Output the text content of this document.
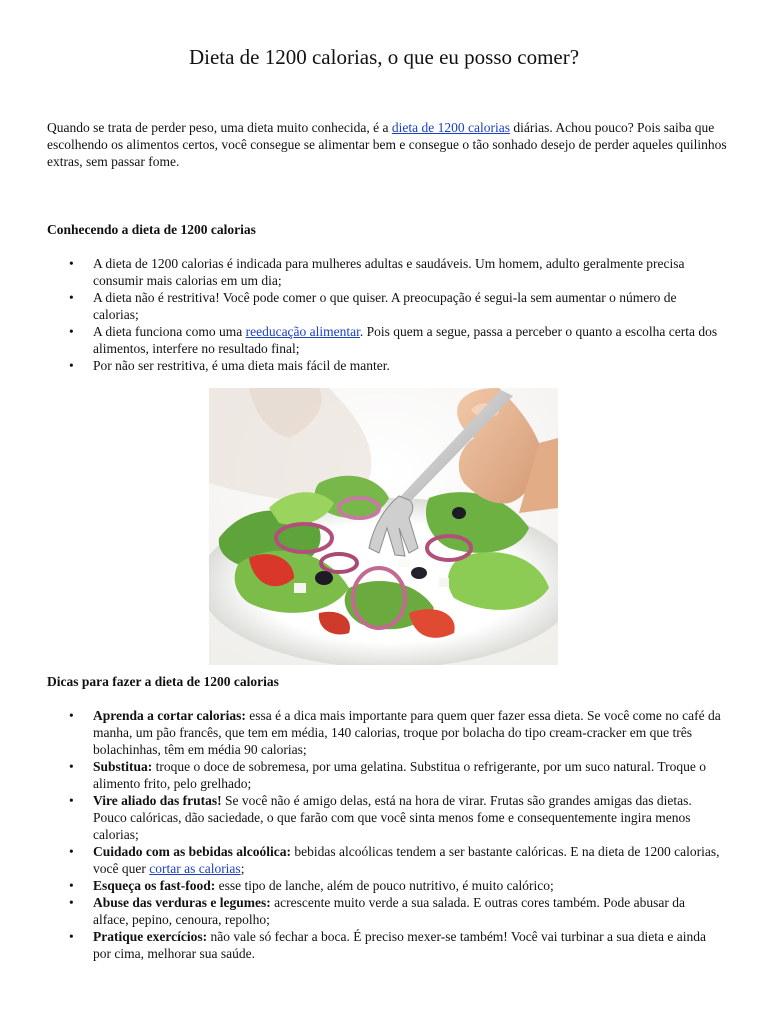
Dieta de 1200 calorias, o que eu posso comer?

Quando se trata de perder peso, uma dieta muito conhecida, é a dieta de 1200 calorias diárias. Achou pouco? Pois saiba que escolhendo os alimentos certos, você consegue se alimentar bem e consegue o tão sonhado desejo de perder aqueles quilinhos extras, sem passar fome.

Conhecendo a dieta de 1200 calorias
• A dieta de 1200 calorias é indicada para mulheres adultas e saudáveis. Um homem, adulto geralmente precisa consumir mais calorias em um dia;
• A dieta não é restritiva! Você pode comer o que quiser. A preocupação é segui-la sem aumentar o número de calorias;
• A dieta funciona como uma reeducação alimentar. Pois quem a segue, passa a perceber o quanto a escolha certa dos alimentos, interfere no resultado final;
• Por não ser restritiva, é uma dieta mais fácil de manter.
Dicas para fazer a dieta de 1200 calorias
• Aprenda a cortar calorias: essa é a dica mais importante para quem quer fazer essa dieta. Se você come no café da manha, um pão francês, que tem em média, 140 calorias, troque por bolacha do tipo cream-cracker em que três bolachinhas, têm em média 90 calorias;
• Substitua: troque o doce de sobremesa, por uma gelatina. Substitua o refrigerante, por um suco natural. Troque o alimento frito, pelo grelhado;
• Vire aliado das frutas! Se você não é amigo delas, está na hora de virar. Frutas são grandes amigas das dietas. Pouco calóricas, dão saciedade, o que farão com que você sinta menos fome e consequentemente ingira menos calorias;
• Cuidado com as bebidas alcoólica: bebidas alcoólicas tendem a ser bastante calóricas. E na dieta de 1200 calorias, você quer cortar as calorias;
• Esqueça os fast-food: esse tipo de lanche, além de pouco nutritivo, é muito calórico;
• Abuse das verduras e legumes: acrescente muito verde a sua salada. E outras cores também. Pode abusar da alface, pepino, cenoura, repolho;
• Pratique exercícios: não vale só fechar a boca. É preciso mexer-se também! Você vai turbinar a sua dieta e ainda por cima, melhorar sua saúde.
